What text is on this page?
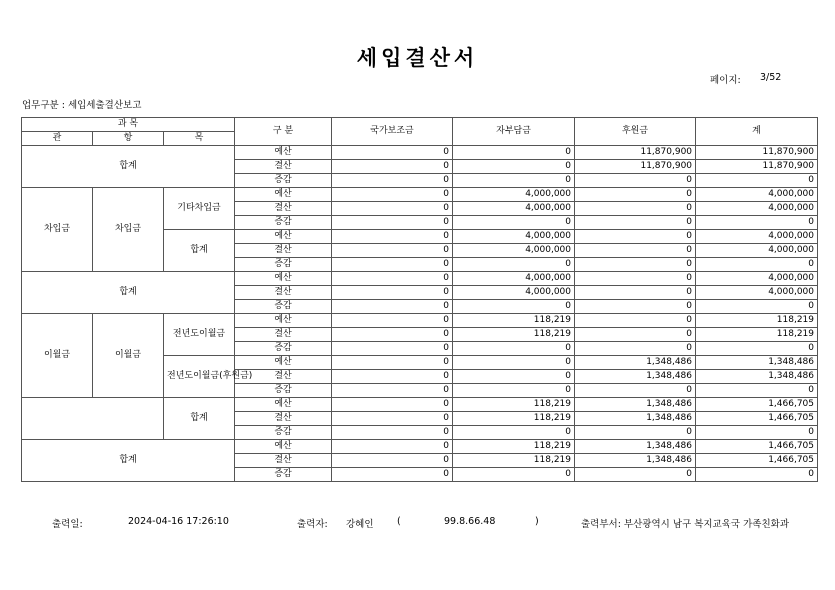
세입결산서
페이지: 3/52
업무구분 : 세입세출결산보고
과 목			구 분	국가보조금	자부담금	후원금	계
관	항	목					
합계			예산	0	0	11,870,900	11,870,900
			결산	0	0	11,870,900	11,870,900
			증감	0	0	0	0
차입금	차입금	기타차입금	예산	0	4,000,000	0	4,000,000
			결산	0	4,000,000	0	4,000,000
			증감	0	0	0	0
		합계	예산	0	4,000,000	0	4,000,000
			결산	0	4,000,000	0	4,000,000
			증감	0	0	0	0
합계			예산	0	4,000,000	0	4,000,000
			결산	0	4,000,000	0	4,000,000
			증감	0	0	0	0
이월금	이월금	전년도이월금	예산	0	118,219	0	118,219
			결산	0	118,219	0	118,219
			증감	0	0	0	0
		전년도이월금(후원금)	예산	0	0	1,348,486	1,348,486
			결산	0	0	1,348,486	1,348,486
			증감	0	0	0	0
		합계	예산	0	118,219	1,348,486	1,466,705
			결산	0	118,219	1,348,486	1,466,705
			증감	0	0	0	0
합계			예산	0	118,219	1,348,486	1,466,705
			결산	0	118,219	1,348,486	1,466,705
			증감	0	0	0	0
출력일:	2024-04-16 17:26:10	출력자: 강혜인 (	99.8.66.48	)	출력부서: 부산광역시 남구 복지교육국 가족친화과
